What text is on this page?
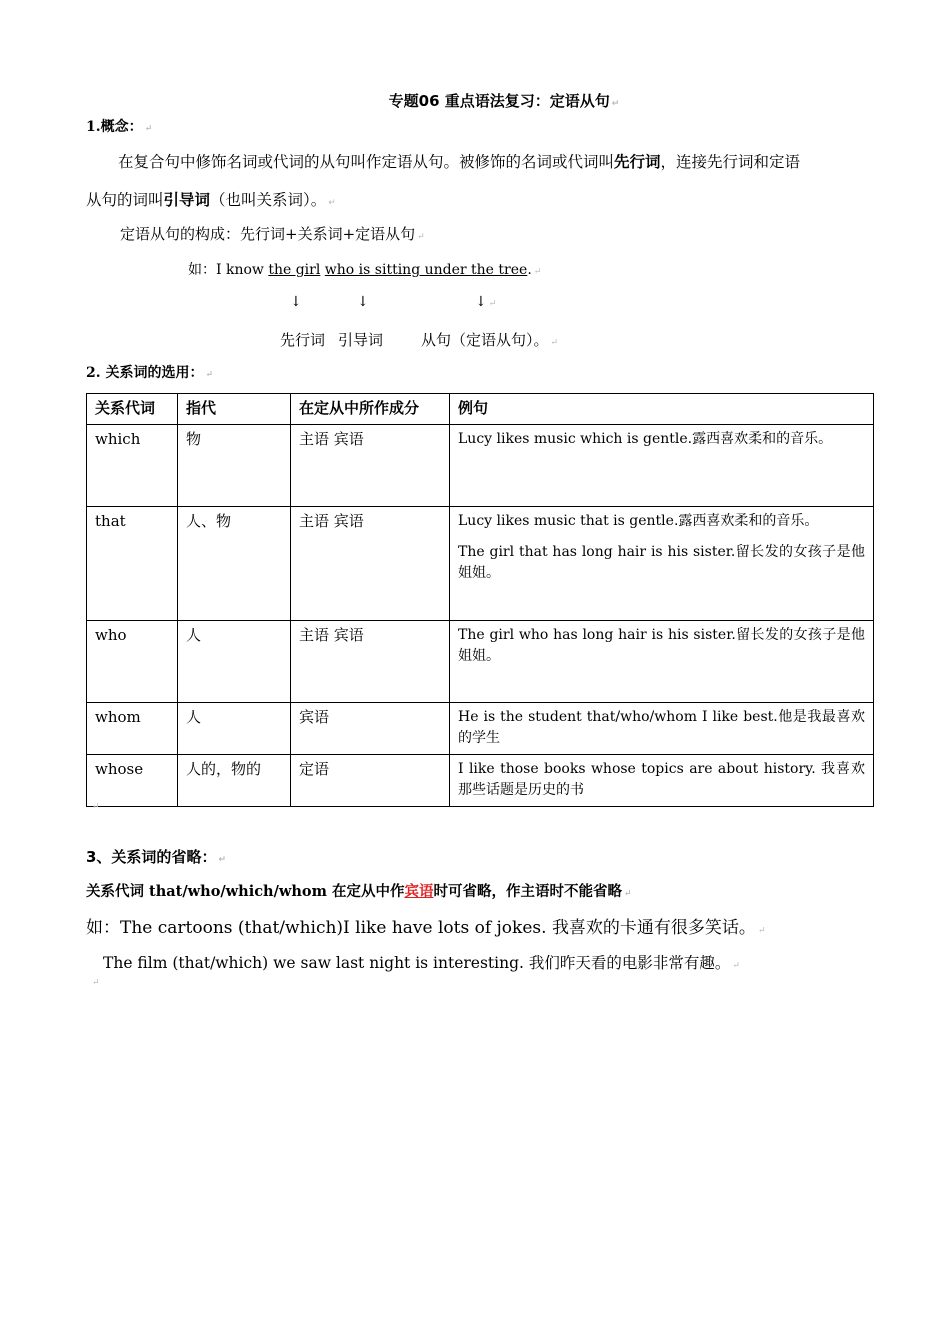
专题06 重点语法复习：定语从句 ↵
1.概念： ↵
在复合句中修饰名词或代词的从句叫作定语从句。被修饰的名词或代词叫先行词，连接先行词和定语
从句的词叫引导词（也叫关系词）。 ↵
定语从句的构成：先行词+关系词+定语从句 ↵
如：I know the girl who is sitting under the tree. ↵
↓	↓	↓ ↵
先行词 引导词	从句（定语从句）。 ↵
2. 关系词的选用： ↵
关系代词	指代	在定从中所作成分	例句
which	物	主语 宾语	Lucy likes music which is gentle.露西喜欢柔和的音乐。

that	人、物	主语 宾语	Lucy likes music that is gentle.露西喜欢柔和的音乐。

The girl that has long hair is his sister.留长发的女孩子是他姐姐。

who	人	主语 宾语	The girl who has long hair is his sister.留长发的女孩子是他姐姐。

whom	人	宾语	He is the student that/who/whom I like best.他是我最喜欢的学生

whose	人的，物的	定语	I like those books whose topics are about history. 我喜欢那些话题是历史的书

↵
3、关系词的省略： ↵
关系代词 that/who/which/whom 在定从中作宾语时可省略，作主语时不能省略 ↵
如：The cartoons (that/which)I like have lots of jokes. 我喜欢的卡通有很多笑话。 ↵
The film (that/which) we saw last night is interesting. 我们昨天看的电影非常有趣。 ↵
↵
